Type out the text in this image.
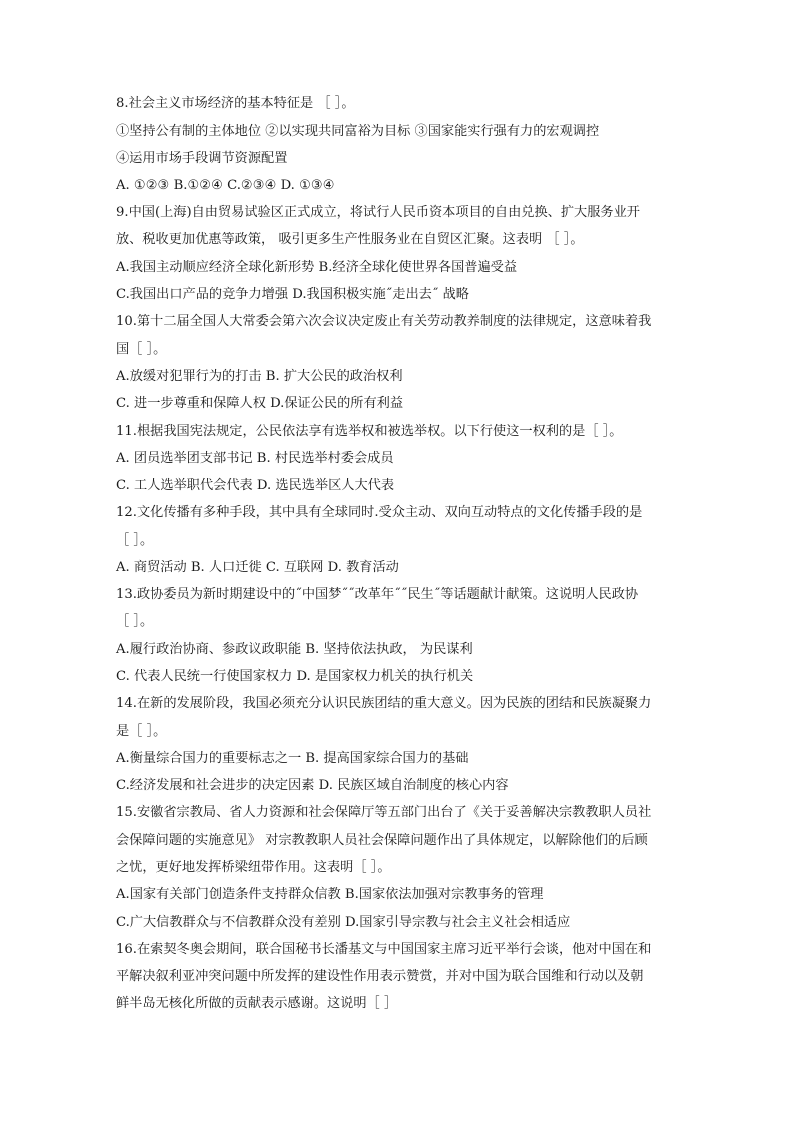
8.社会主义市场经济的基本特征是 ［ ］。
①坚持公有制的主体地位 ②以实现共同富裕为目标 ③国家能实行强有力的宏观调控
④运用市场手段调节资源配置
A. ①②③ B.①②④ C.②③④ D. ①③④
9.中国(上海)自由贸易试验区正式成立，将试行人民币资本项目的自由兑换、扩大服务业开
放、税收更加优惠等政策， 吸引更多生产性服务业在自贸区汇聚。这表明 ［ ］。
A.我国主动顺应经济全球化新形势 B.经济全球化使世界各国普遍受益
C.我国出口产品的竞争力增强 D.我国积极实施˝走出去˝ 战略
10.第十二届全国人大常委会第六次会议决定废止有关劳动教养制度的法律规定，这意味着我
国［ ］。
A.放缓对犯罪行为的打击 B. 扩大公民的政治权利
C. 进一步尊重和保障人权 D.保证公民的所有利益
11.根据我国宪法规定，公民依法享有选举权和被选举权。以下行使这一权利的是［ ］。
A. 团员选举团支部书记 B. 村民选举村委会成员
C. 工人选举职代会代表 D. 选民选举区人大代表
12.文化传播有多种手段，其中具有全球同时.受众主动、双向互动特点的文化传播手段的是
［ ］。
A. 商贸活动 B. 人口迁徙 C. 互联网 D. 教育活动
13.政协委员为新时期建设中的˝中国梦˝˝改革年˝˝民生˝等话题献计献策。这说明人民政协
［ ］。
A.履行政治协商、参政议政职能 B. 坚持依法执政， 为民谋利
C. 代表人民统一行使国家权力 D. 是国家权力机关的执行机关
14.在新的发展阶段，我国必须充分认识民族团结的重大意义。因为民族的团结和民族凝聚力
是［ ］。
A.衡量综合国力的重要标志之一 B. 提高国家综合国力的基础
C.经济发展和社会进步的决定因素 D. 民族区域自治制度的核心内容
15.安徽省宗教局、省人力资源和社会保障厅等五部门出台了《关于妥善解决宗教教职人员社
会保障问题的实施意见》 对宗教教职人员社会保障问题作出了具体规定，以解除他们的后顾
之忧，更好地发挥桥梁纽带作用。这表明［ ］。
A.国家有关部门创造条件支持群众信教 B.国家依法加强对宗教事务的管理
C.广大信教群众与不信教群众没有差别 D.国家引导宗教与社会主义社会相适应
16.在索契冬奥会期间，联合国秘书长潘基文与中国国家主席习近平举行会谈，他对中国在和
平解决叙利亚冲突问题中所发挥的建设性作用表示赞赏，并对中国为联合国维和行动以及朝
鲜半岛无核化所做的贡献表示感谢。这说明［ ］
